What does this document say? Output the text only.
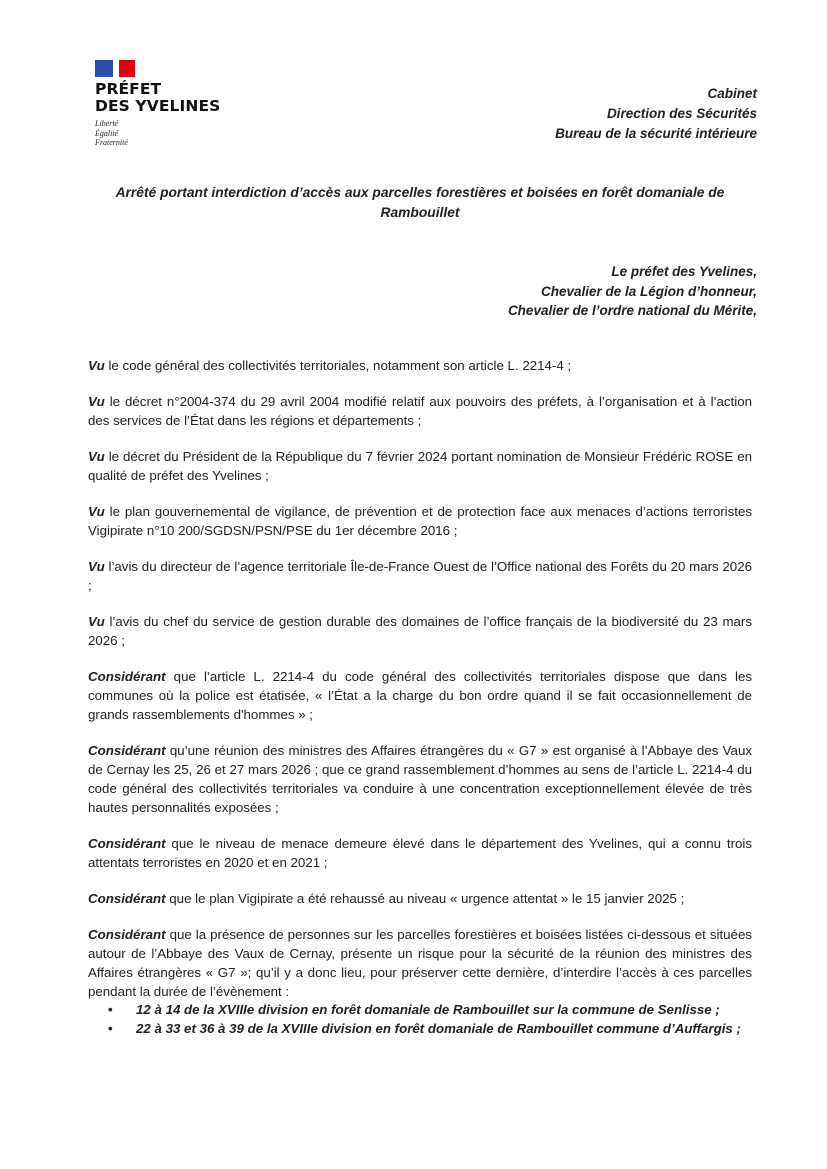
PRÉFET
DES YVELINES
Liberté
Égalité
Fraternité
Cabinet
Direction des Sécurités
Bureau de la sécurité intérieure
Arrêté portant interdiction d’accès aux parcelles forestières et boisées en forêt domaniale de
Rambouillet
Le préfet des Yvelines,
Chevalier de la Légion d’honneur,
Chevalier de l’ordre national du Mérite,

Vu le code général des collectivités territoriales, notamment son article L. 2214-4 ;

Vu le décret n°2004-374 du 29 avril 2004 modifié relatif aux pouvoirs des préfets, à l’organisation et à l’action des services de l’État dans les régions et départements ;

Vu le décret du Président de la République du 7 février 2024 portant nomination de Monsieur Frédéric ROSE en qualité de préfet des Yvelines ;

Vu le plan gouvernemental de vigilance, de prévention et de protection face aux menaces d’actions terroristes Vigipirate n°10 200/SGDSN/PSN/PSE du 1er décembre 2016 ;

Vu l’avis du directeur de l’agence territoriale Île-de-France Ouest de l’Office national des Forêts du 20 mars 2026 ;

Vu l’avis du chef du service de gestion durable des domaines de l’office français de la biodiversité du 23 mars 2026 ;

Considérant que l’article L. 2214-4 du code général des collectivités territoriales dispose que dans les communes où la police est étatisée, « l’État a la charge du bon ordre quand il se fait occasionnellement de grands rassemblements d'hommes » ;

Considérant qu’une réunion des ministres des Affaires étrangères du « G7 » est organisé à l’Abbaye des Vaux de Cernay les 25, 26 et 27 mars 2026 ; que ce grand rassemblement d’hommes au sens de l’article L. 2214-4 du code général des collectivités territoriales va conduire à une concentration exceptionnellement élevée de très hautes personnalités exposées ;

Considérant que le niveau de menace demeure élevé dans le département des Yvelines, qui a connu trois attentats terroristes en 2020 et en 2021 ;

Considérant que le plan Vigipirate a été rehaussé au niveau « urgence attentat » le 15 janvier 2025 ;

Considérant que la présence de personnes sur les parcelles forestières et boisées listées ci-dessous et situées autour de l’Abbaye des Vaux de Cernay, présente un risque pour la sécurité de la réunion des ministres des Affaires étrangères « G7 »; qu’il y a donc lieu, pour préserver cette dernière, d’interdire l’accès à ces parcelles pendant la durée de l’évènement :

• 12 à 14 de la XVIIIe division en forêt domaniale de Rambouillet sur la commune de Senlisse ;
• 22 à 33 et 36 à 39 de la XVIIIe division en forêt domaniale de Rambouillet commune d’Auffargis ;
